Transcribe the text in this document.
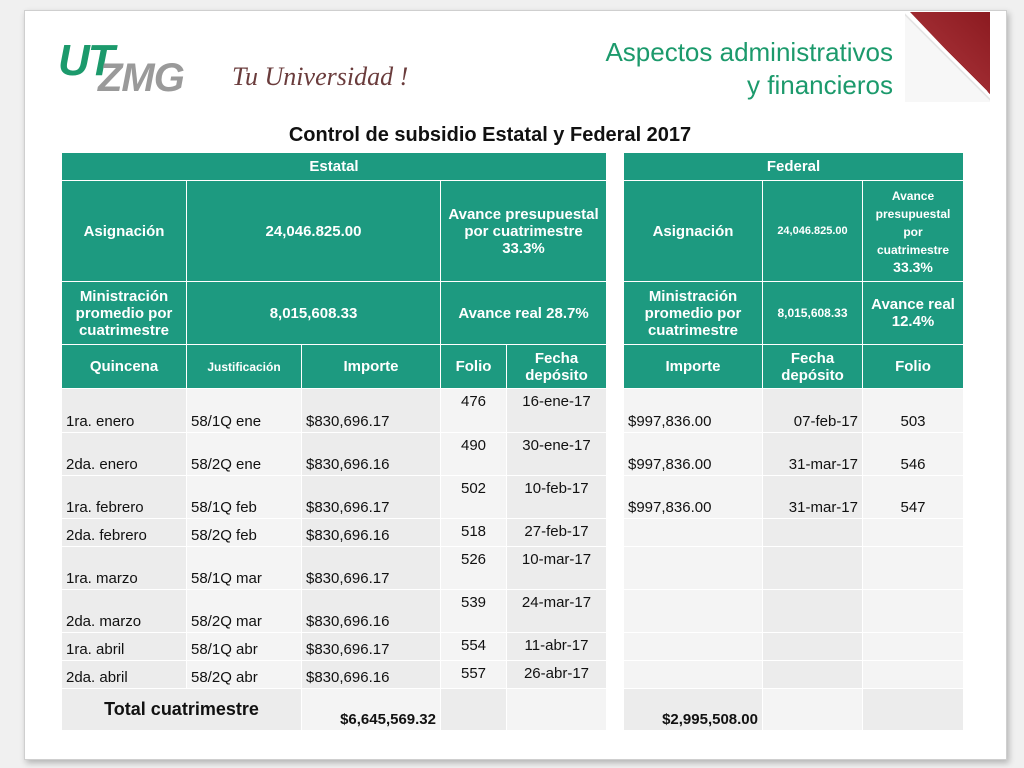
UT
ZMG Tu Universidad !
Aspectos administrativos
y financieros
Control de subsidio Estatal y Federal 2017
Estatal						Federal		
Asignación	24,046.825.00		Avance presupuestal por cuatrimestre 33.3%			Asignación	24,046.825.00	Avance presupuestal por cuatrimestre
33.3%

Ministración promedio por cuatrimestre	8,015,608.33		Avance real 28.7%			Ministración promedio por cuatrimestre	8,015,608.33	Avance real 12.4%
Quincena	Justificación	Importe	Folio	Fecha depósito		Importe	Fecha depósito	Folio
1ra. enero	58/1Q ene	$830,696.17	476	16-ene-17		$997,836.00	07-feb-17	503
2da. enero	58/2Q ene	$830,696.16	490	30-ene-17		$997,836.00	31-mar-17	546
1ra. febrero	58/1Q feb	$830,696.17	502	10-feb-17		$997,836.00	31-mar-17	547
2da. febrero	58/2Q feb	$830,696.16	518	27-feb-17				
1ra. marzo	58/1Q mar	$830,696.17	526	10-mar-17				
2da. marzo	58/2Q mar	$830,696.16	539	24-mar-17				
1ra. abril	58/1Q abr	$830,696.17	554	11-abr-17				
2da. abril	58/2Q abr	$830,696.16	557	26-abr-17				
Total cuatrimestre		$6,645,569.32				$2,995,508.00		
